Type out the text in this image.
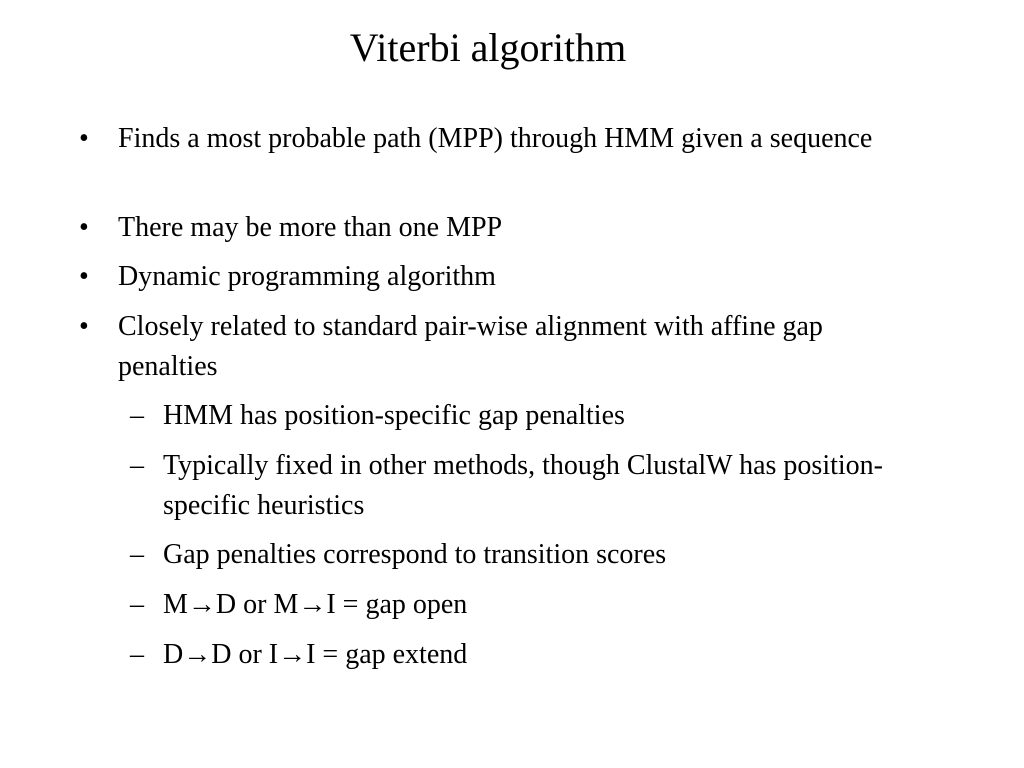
Viterbi algorithm
• Finds a most probable path (MPP) through HMM given a sequence
• There may be more than one MPP
• Dynamic programming algorithm
• Closely related to standard pair-wise alignment with affine gap penalties
– HMM has position-specific gap penalties
– Typically fixed in other methods, though ClustalW has position-specific heuristics
– Gap penalties correspond to transition scores
– M→D or M→I = gap open
– D→D or I→I = gap extend
